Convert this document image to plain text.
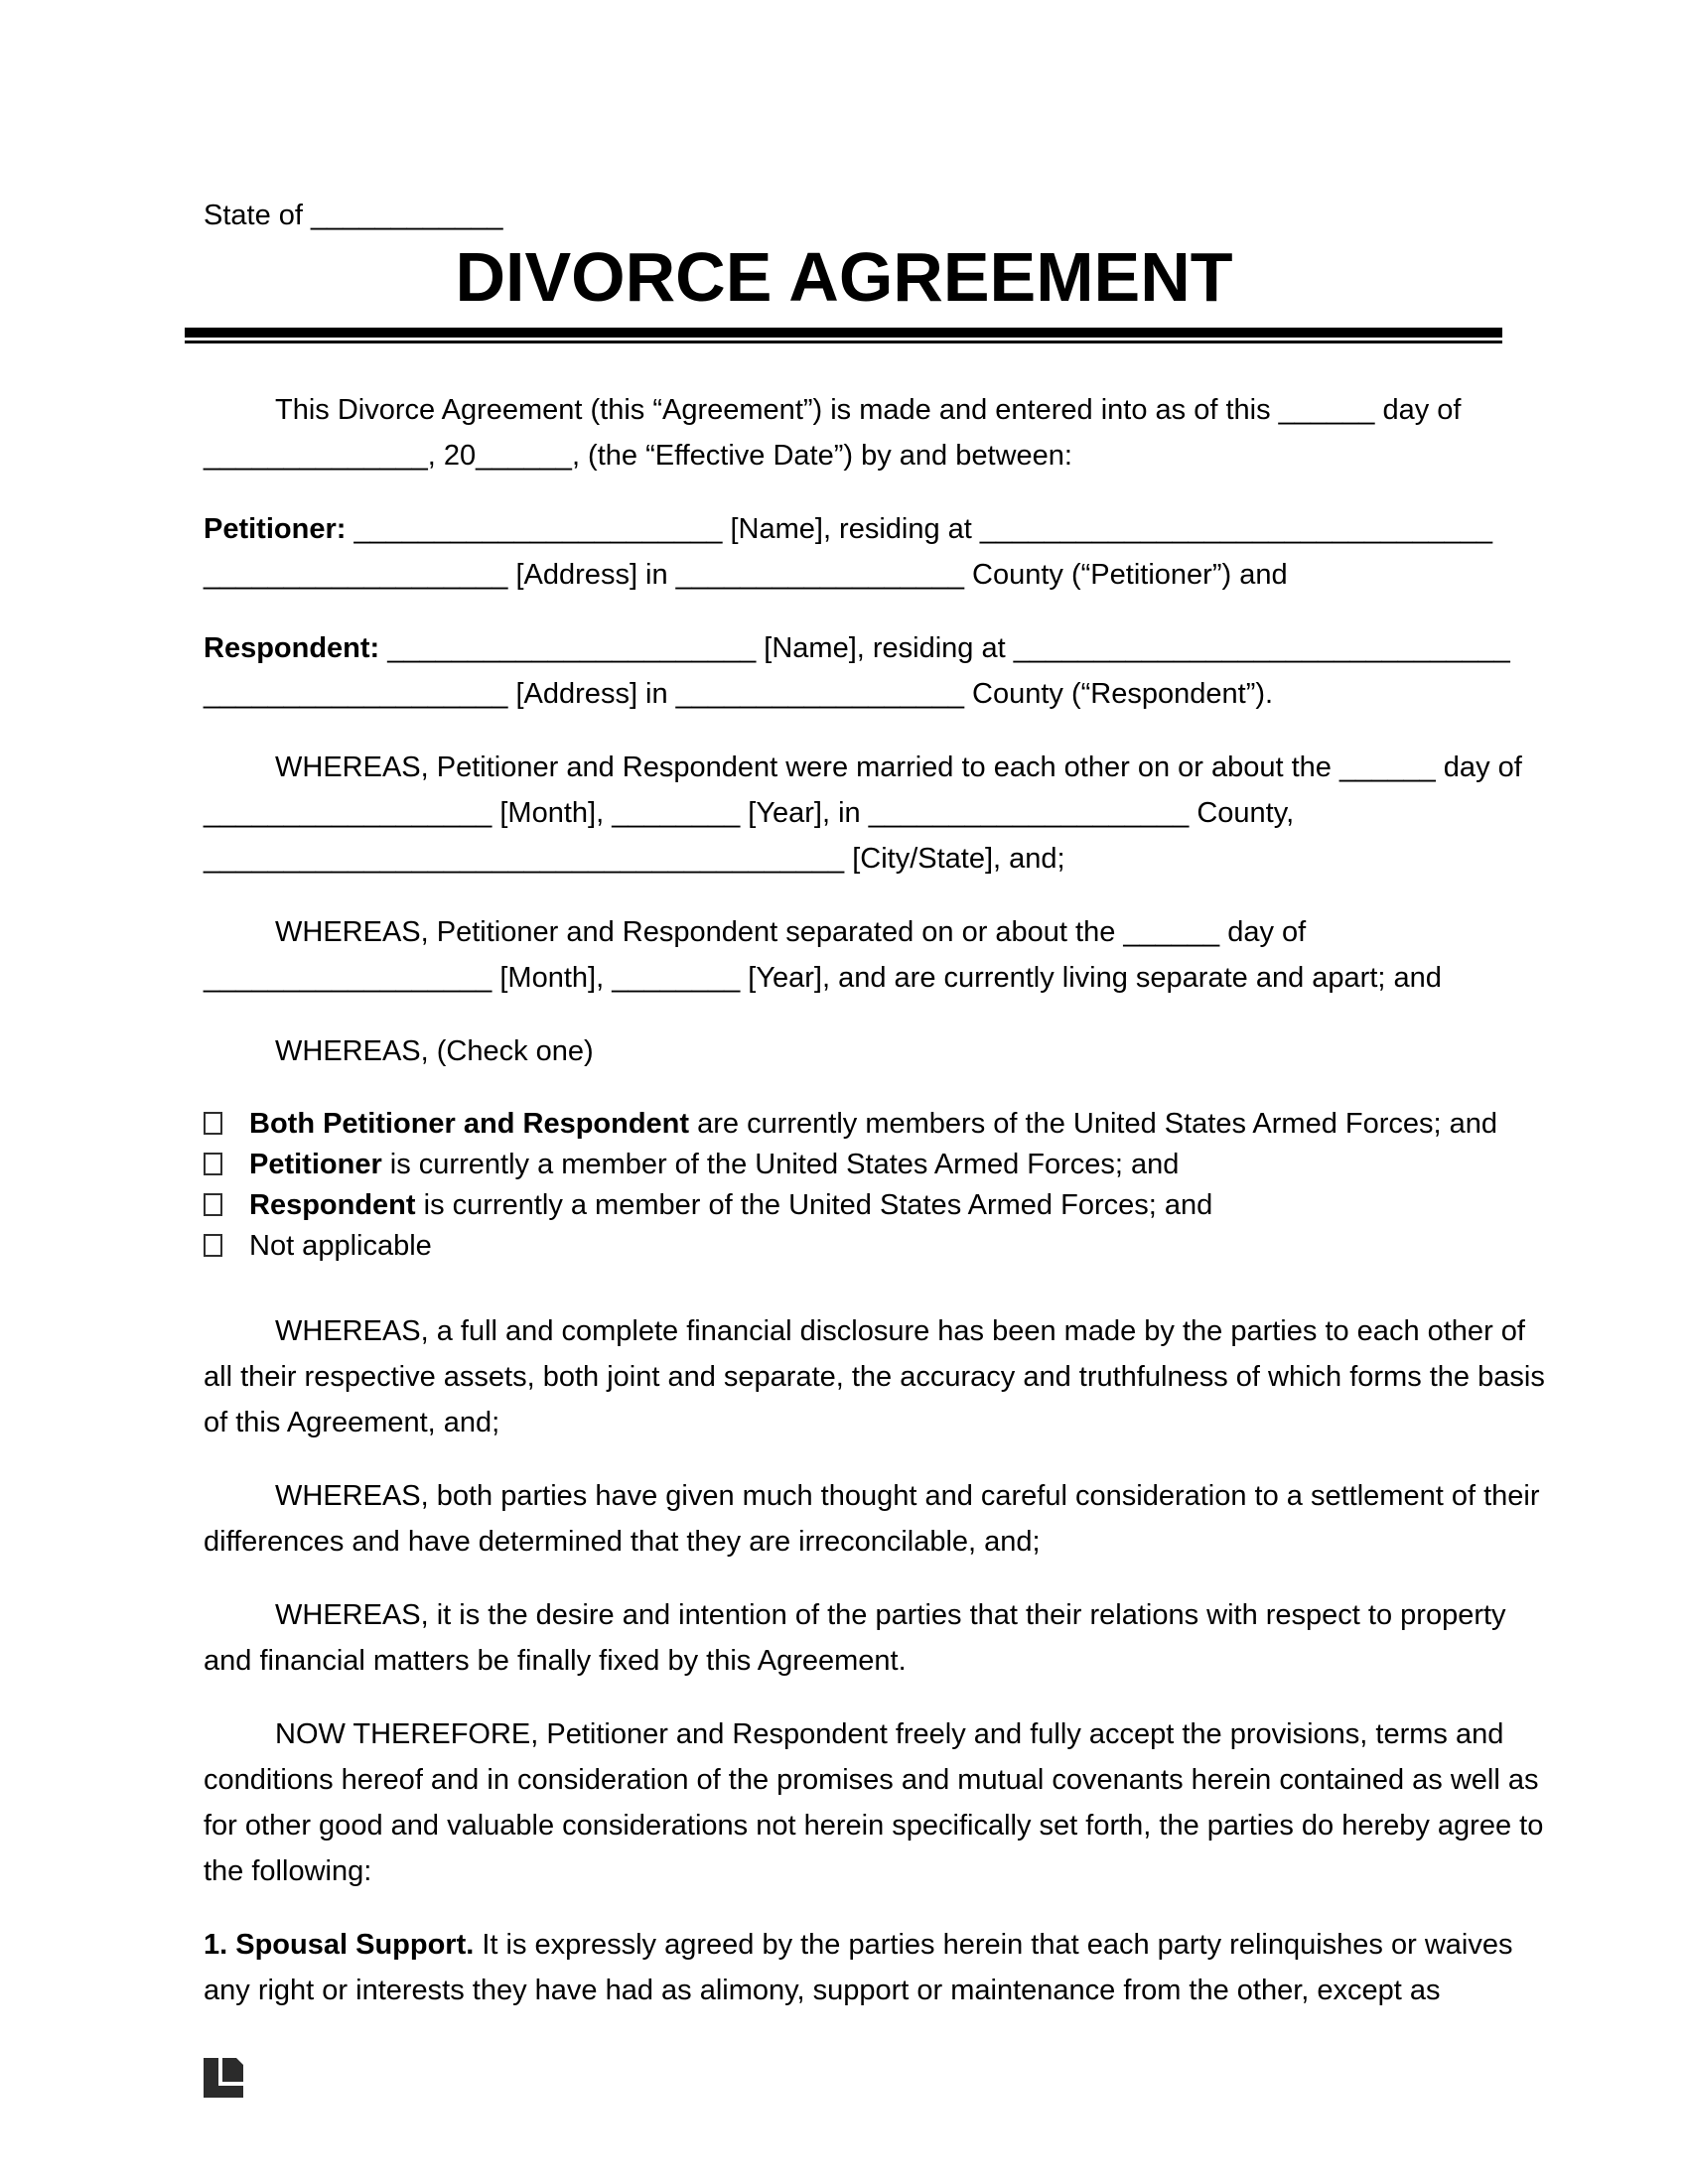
State of ____________
DIVORCE AGREEMENT
This Divorce Agreement (this “Agreement”) is made and entered into as of this ______ day of
______________, 20______, (the “Effective Date”) by and between:
Petitioner: _______________________ [Name], residing at ________________________________
___________________ [Address] in __________________ County (“Petitioner”) and
Respondent: _______________________ [Name], residing at _______________________________
___________________ [Address] in __________________ County (“Respondent”).
WHEREAS, Petitioner and Respondent were married to each other on or about the ______ day of
__________________ [Month], ________ [Year], in ____________________ County,
________________________________________ [City/State], and;
WHEREAS, Petitioner and Respondent separated on or about the ______ day of
__________________ [Month], ________ [Year], and are currently living separate and apart; and
WHEREAS, (Check one)
Both Petitioner and Respondent are currently members of the United States Armed Forces; and
Petitioner is currently a member of the United States Armed Forces; and
Respondent is currently a member of the United States Armed Forces; and
Not applicable
WHEREAS, a full and complete financial disclosure has been made by the parties to each other of
all their respective assets, both joint and separate, the accuracy and truthfulness of which forms the basis
of this Agreement, and;
WHEREAS, both parties have given much thought and careful consideration to a settlement of their
differences and have determined that they are irreconcilable, and;
WHEREAS, it is the desire and intention of the parties that their relations with respect to property
and financial matters be finally fixed by this Agreement.
NOW THEREFORE, Petitioner and Respondent freely and fully accept the provisions, terms and
conditions hereof and in consideration of the promises and mutual covenants herein contained as well as
for other good and valuable considerations not herein specifically set forth, the parties do hereby agree to
the following:
1. Spousal Support. It is expressly agreed by the parties herein that each party relinquishes or waives
any right or interests they have had as alimony, support or maintenance from the other, except as
